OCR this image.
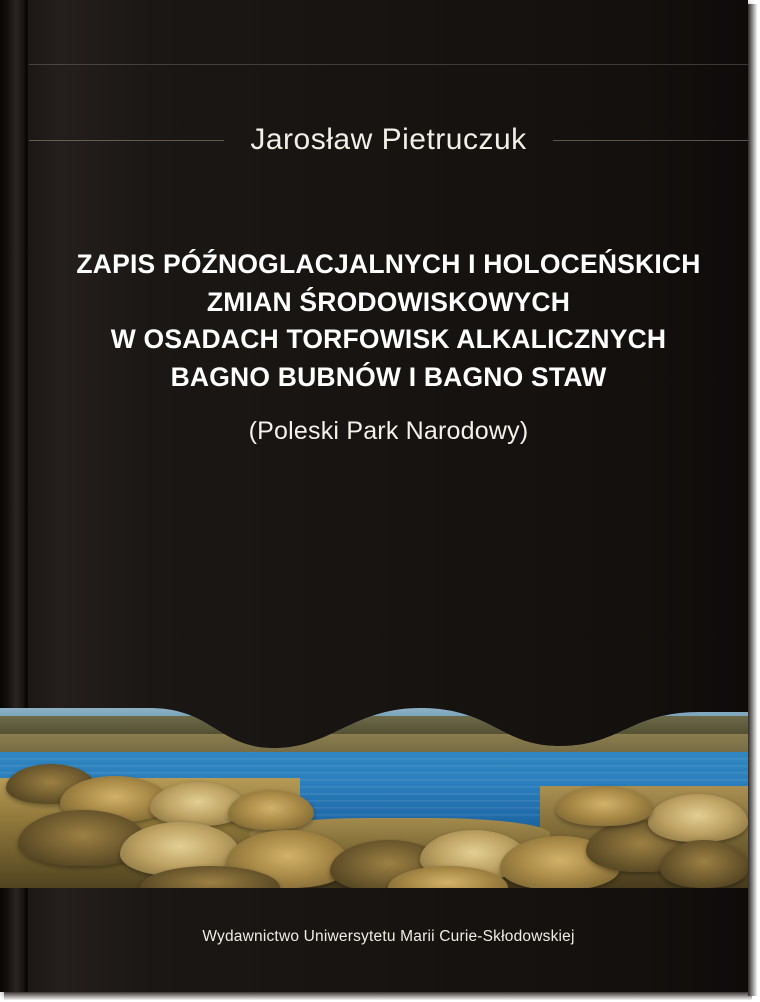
Jarosław Pietruczuk
ZAPIS PÓŹNOGLACJALNYCH I HOLOCEŃSKICH
ZMIAN ŚRODOWISKOWYCH
W OSADACH TORFOWISK ALKALICZNYCH
BAGNO BUBNÓW I BAGNO STAW
(Poleski Park Narodowy)
Wydawnictwo Uniwersytetu Marii Curie-Skłodowskiej
